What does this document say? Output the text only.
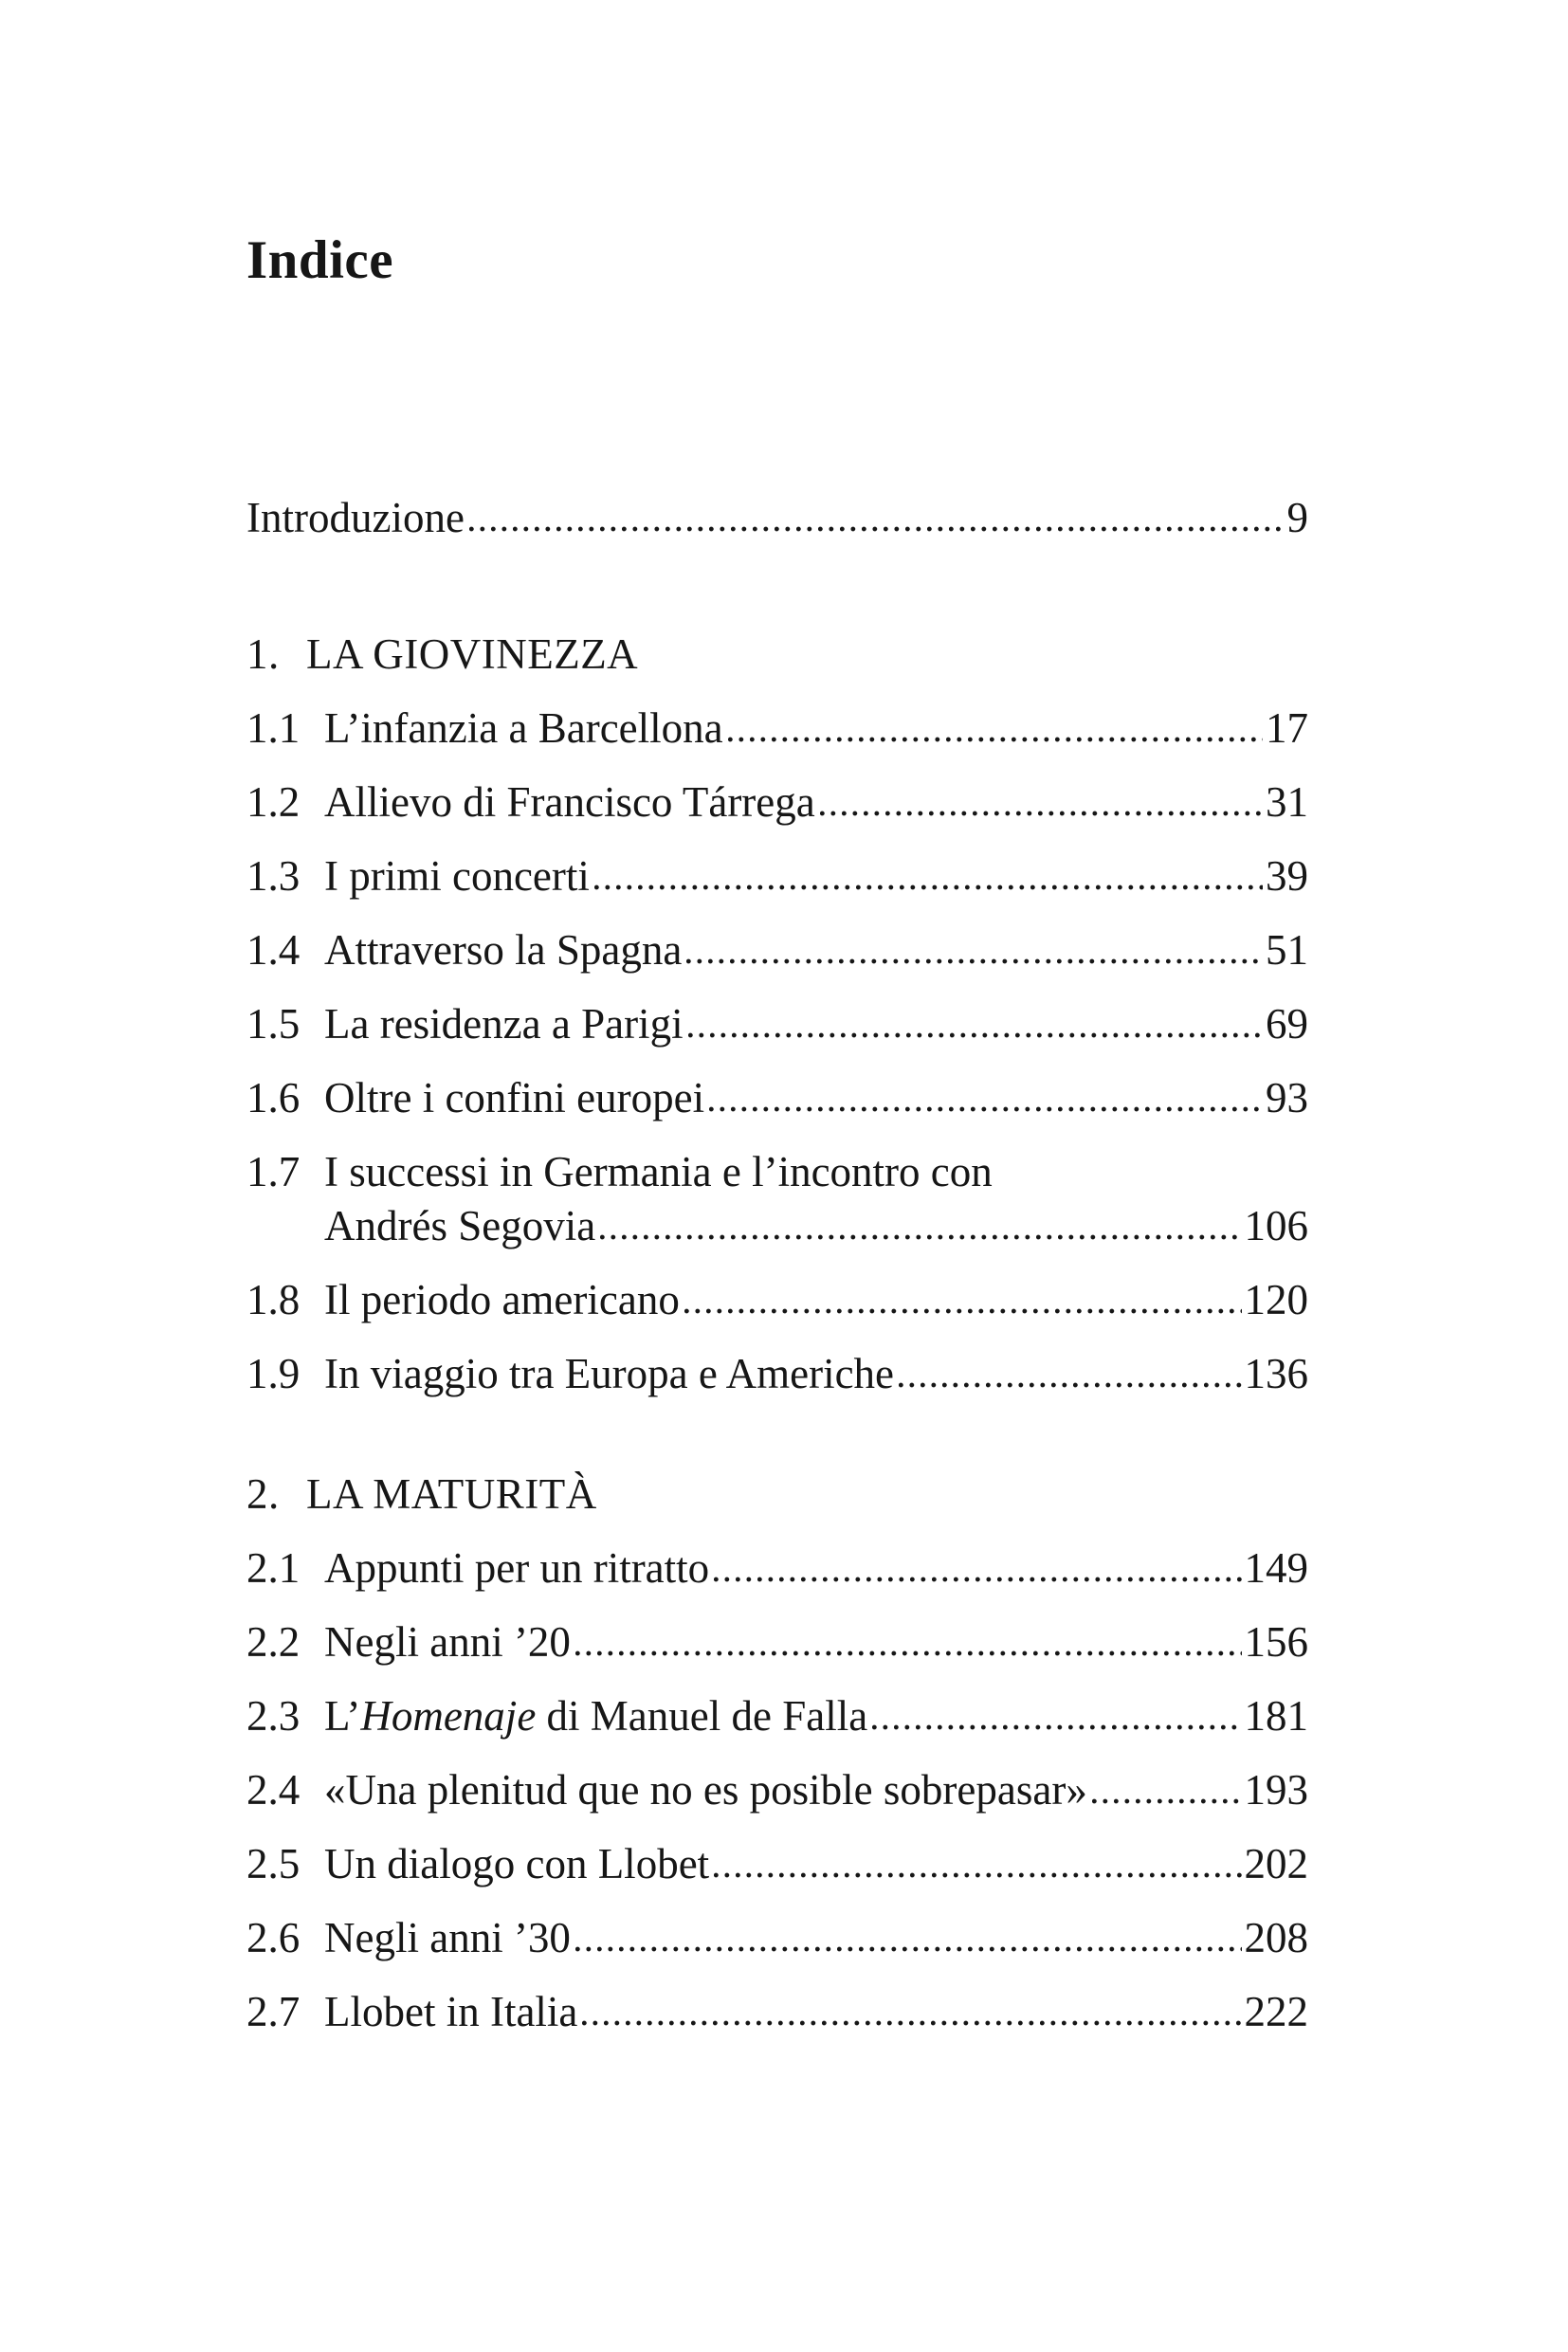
Indice
Introduzione	9
1. LA GIOVINEZZA
1.1 L’infanzia a Barcellona	17
1.2 Allievo di Francisco Tárrega	31
1.3 I primi concerti	39
1.4 Attraverso la Spagna	51
1.5 La residenza a Parigi	69
1.6 Oltre i confini europei	93
1.7 I successi in Germania e l’incontro con
Andrés Segovia	106
1.8 Il periodo americano	120
1.9 In viaggio tra Europa e Americhe	136
2. LA MATURITÀ
2.1 Appunti per un ritratto	149
2.2 Negli anni ’20	156
2.3 L’Homenaje di Manuel de Falla	181
2.4 «Una plenitud que no es posible sobrepasar»	193
2.5 Un dialogo con Llobet	202
2.6 Negli anni ’30	208
2.7 Llobet in Italia	222
